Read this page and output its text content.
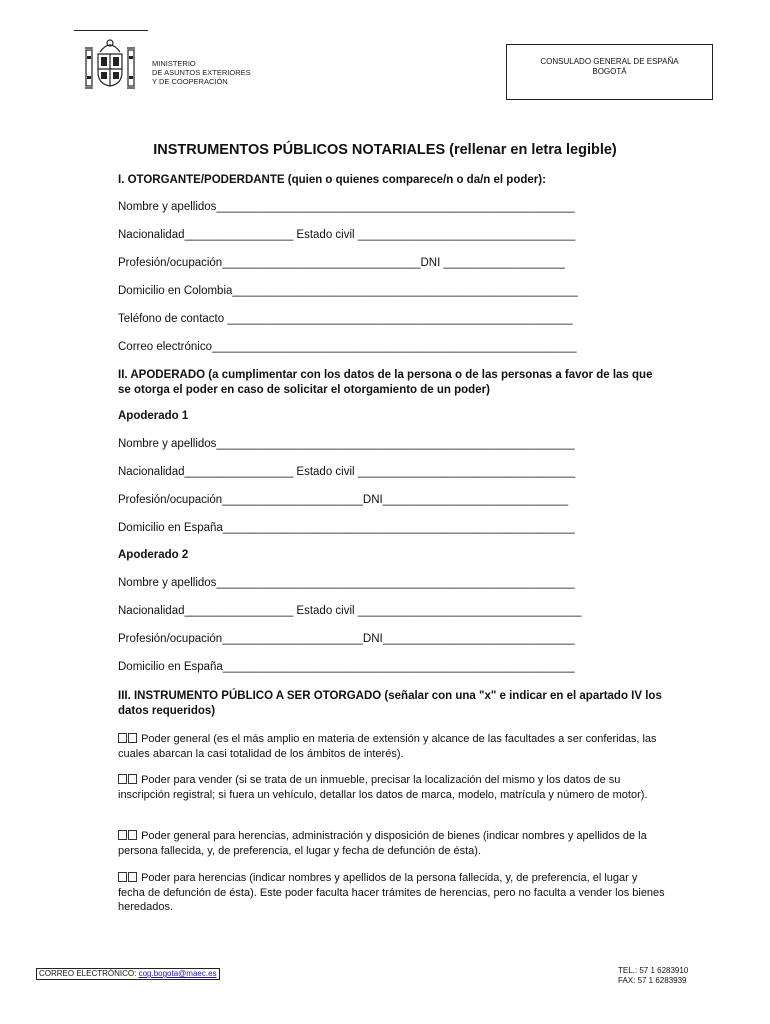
MINISTERIO
DE ASUNTOS EXTERIORES
Y DE COOPERACIÓN
CONSULADO GENERAL DE ESPAÑA
BOGOTÁ
INSTRUMENTOS PÚBLICOS NOTARIALES (rellenar en letra legible)
I. OTORGANTE/PODERDANTE (quien o quienes comparece/n o da/n el poder):
Nombre y apellidos________________________________________________________
Nacionalidad_________________ Estado civil __________________________________
Profesión/ocupación_______________________________DNI ___________________
Domicilio en Colombia______________________________________________________
Teléfono de contacto ______________________________________________________
Correo electrónico_________________________________________________________
II. APODERADO (a cumplimentar con los datos de la persona o de las personas a favor de las que se otorga el poder en caso de solicitar el otorgamiento de un poder)
Apoderado 1
Nombre y apellidos________________________________________________________
Nacionalidad_________________ Estado civil __________________________________
Profesión/ocupación______________________DNI_____________________________
Domicilio en España_______________________________________________________
Apoderado 2
Nombre y apellidos________________________________________________________
Nacionalidad_________________ Estado civil ___________________________________
Profesión/ocupación______________________DNI______________________________
Domicilio en España_______________________________________________________
III. INSTRUMENTO PÚBLICO A SER OTORGADO (señalar con una "x" e indicar en el apartado IV los datos requeridos)
Poder general (es el más amplio en materia de extensión y alcance de las facultades a ser conferidas, las cuales abarcan la casi totalidad de los ámbitos de interés).
Poder para vender (si se trata de un inmueble, precisar la localización del mismo y los datos de su inscripción registral; si fuera un vehículo, detallar los datos de marca, modelo, matrícula y número de motor).
Poder general para herencias, administración y disposición de bienes (indicar nombres y apellidos de la persona fallecida, y, de preferencia, el lugar y fecha de defunción de ésta).
Poder para herencias (indicar nombres y apellidos de la persona fallecida, y, de preferencia, el lugar y fecha de defunción de ésta). Este poder faculta hacer trámites de herencias, pero no faculta a vender los bienes heredados.
CORREO ELECTRÓNICO: cog.bogota@maec.es	TEL.: 57 1 6283910
FAX: 57 1 6283939
